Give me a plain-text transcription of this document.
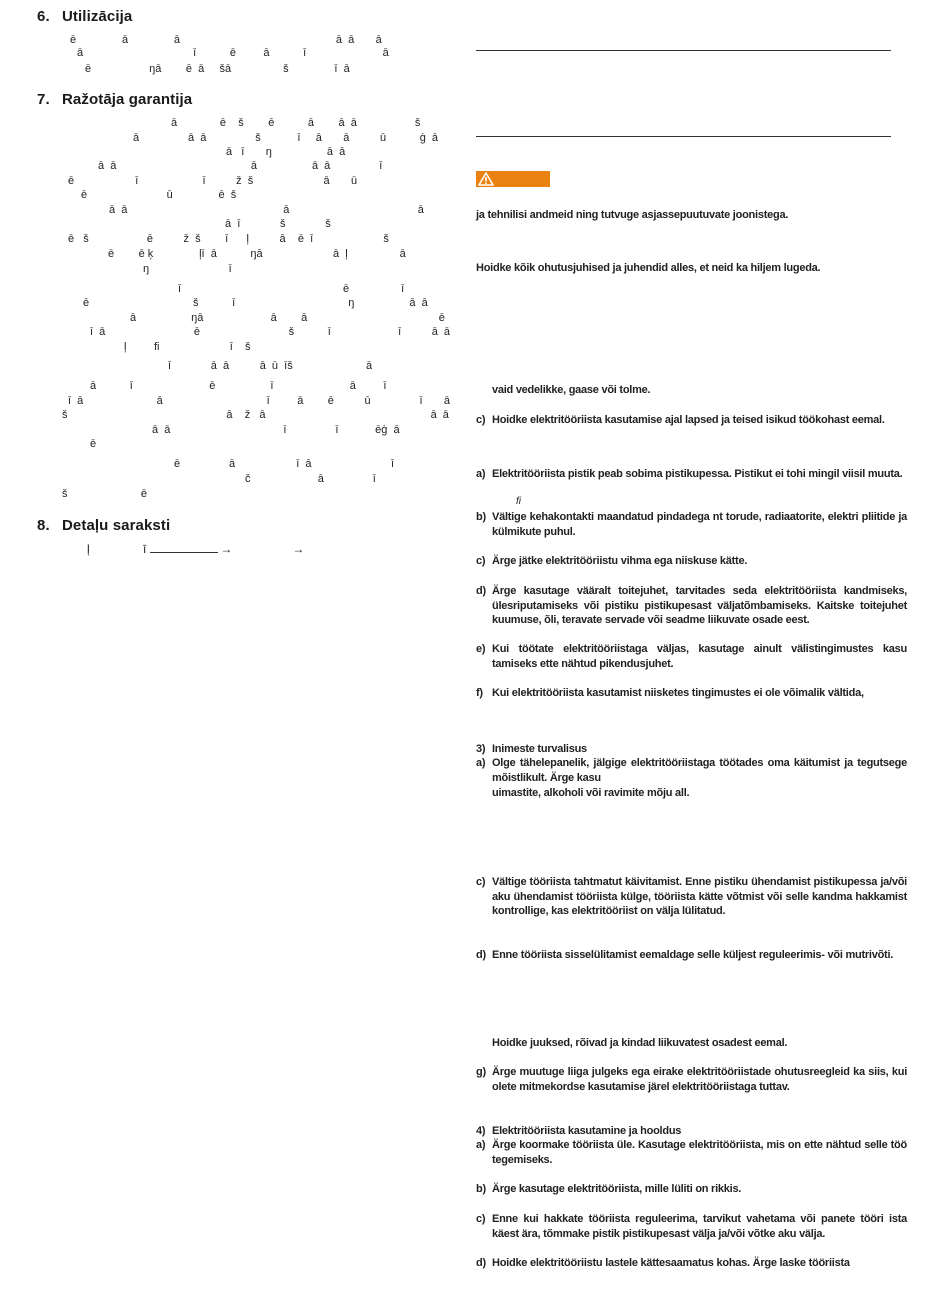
6. Utilizācija
7. Ražotāja garantija
8. Detaļu saraksti
ē               ā               ā                                                   ā  ā       ā
ā                                    ī           ē         ā           ī                         ā
ē                   ŋā        ē  ā     šā                 š               ī  ā
ā              ē    š        ē           ā        ā  ā                   š
ā                ā  ā                š            ī     ā       ā          ū           ġ  ā
ā   ī       ŋ                  ā  ā
ā  ā                                            ā                  ā  ā                ī
ē                    ī                     ī          ž  š                       ā       ū
ē                          ū               ē  š
ā  ā                                                   ā                                          ā
ā  ī             š             š
ē   š                   ē          ž  š        ī      ļ          ā    ē  ī                       š
ē        ē ķ               ļī  ā           ŋā                       ā  ļ                 ā
ŋ                          ī
ī                                                     ē                 ī
ē                                  š           ī                                     ŋ                  ā  ā
ā                  ŋā                      ā        ā                                           ē
ī  ā                             ē                             š           ī                      ī          ā  ā
ļ         fi                       ī    š
ī             ā  ā          ā  ū  īš                        ā
ā           ī                         ē                  ī                         ā         ī
ī  ā                        ā                                  ī         ā        ē          ū                ī       ā
š                                                    ā    ž   ā                                                      ā  ā
ā  ā                                     ī                ī            ēģ  ā
ē
ē                ā                    ī  ā                          ī
č                      ā                ī
š                        ē
ļ                ī	→	→
ja tehnilisi andmeid ning tutvuge asjassepuutuvate joonistega.
Hoidke kõik ohutusjuhised ja juhendid alles, et neid ka hiljem lugeda.
vaid vedelikke, gaase või tolme.
c) Hoidke elektritööriista kasutamise ajal lapsed ja teised isikud töökohast eemal.
a) Elektritööriista pistik peab sobima pistikupessa. Pistikut ei tohi mingil viisil muuta.
b) Vältige kehakontakti maandatud pindadega nt torude, radiaatorite, elektri pliitide ja külmikute puhul.
c) Ärge jätke elektritööriistu vihma ega niiskuse kätte.
d) Ärge kasutage vääralt toitejuhet, tarvitades seda elektritööriista kandmiseks, ülesriputamiseks või pistiku pistikupesast väljatõmbamiseks. Kaitske toitejuhet kuumuse, õli, teravate servade või seadme liikuvate osade eest.
e) Kui töötate elektritööriistaga väljas, kasutage ainult välistingimustes kasu tamiseks ette nähtud pikendusjuhet.
f) Kui elektritööriista kasutamist niisketes tingimustes ei ole võimalik vältida,
3) Inimeste turvalisus
a) Olge tähelepanelik, jälgige elektritööriistaga töötades oma käitumist ja tegutsege mõistlikult. Ärge kasu
uimastite, alkoholi või ravimite mõju all.
c) Vältige tööriista tahtmatut käivitamist. Enne pistiku ühendamist pistikupessa ja/või aku ühendamist tööriista külge, tööriista kätte võtmist või selle kandma hakkamist kontrollige, kas elektritööriist on välja lülitatud.
d) Enne tööriista sisselülitamist eemaldage selle küljest reguleerimis- või mutrivõti.
Hoidke juuksed, rõivad ja kindad liikuvatest osadest eemal.
g) Ärge muutuge liiga julgeks ega eirake elektritööriistade ohutusreegleid ka siis, kui olete mitmekordse kasutamise järel elektritööriistaga tuttav.
4) Elektritööriista kasutamine ja hooldus
a) Ärge koormake tööriista üle. Kasutage elektritööriista, mis on ette nähtud selle töö tegemiseks.
b) Ärge kasutage elektritööriista, mille lüliti on rikkis.
c) Enne kui hakkate tööriista reguleerima, tarvikut vahetama või panete tööri ista käest ära, tõmmake pistik pistikupesast välja ja/või võtke aku välja.
d) Hoidke elektritööriistu lastele kättesaamatus kohas. Ärge laske tööriista
fi
